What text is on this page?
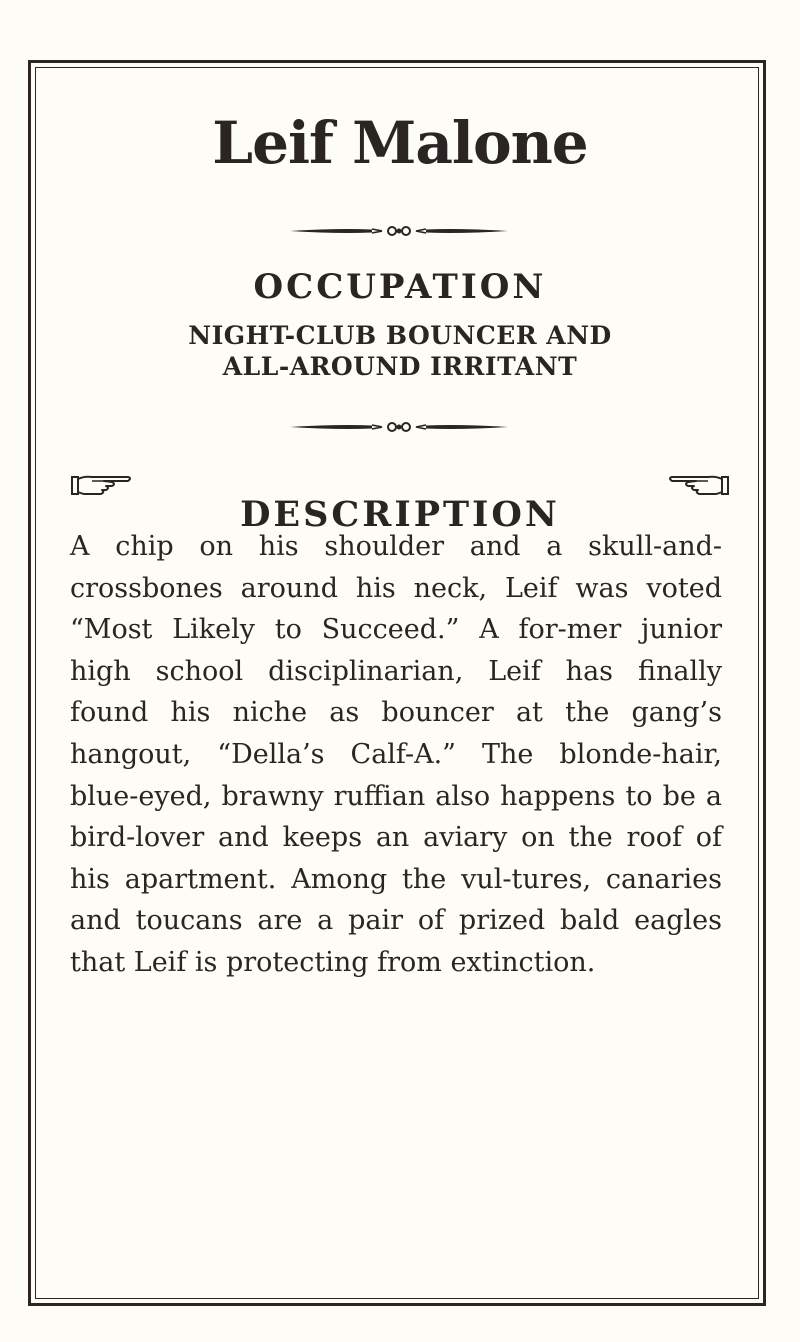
Leif Malone
OCCUPATION
NIGHT-CLUB BOUNCER AND
ALL-AROUND IRRITANT
DESCRIPTION

A chip on his shoulder and a skull-and-crossbones around his neck, Leif was voted “Most Likely to Succeed.” A for-mer junior high school disciplinarian, Leif has finally found his niche as bouncer at the gang’s hangout, “Della’s Calf-A.” The blonde-hair, blue-eyed, brawny ruffian also happens to be a bird-lover and keeps an aviary on the roof of his apartment. Among the vul-tures, canaries and toucans are a pair of prized bald eagles that Leif is protecting from extinction.
